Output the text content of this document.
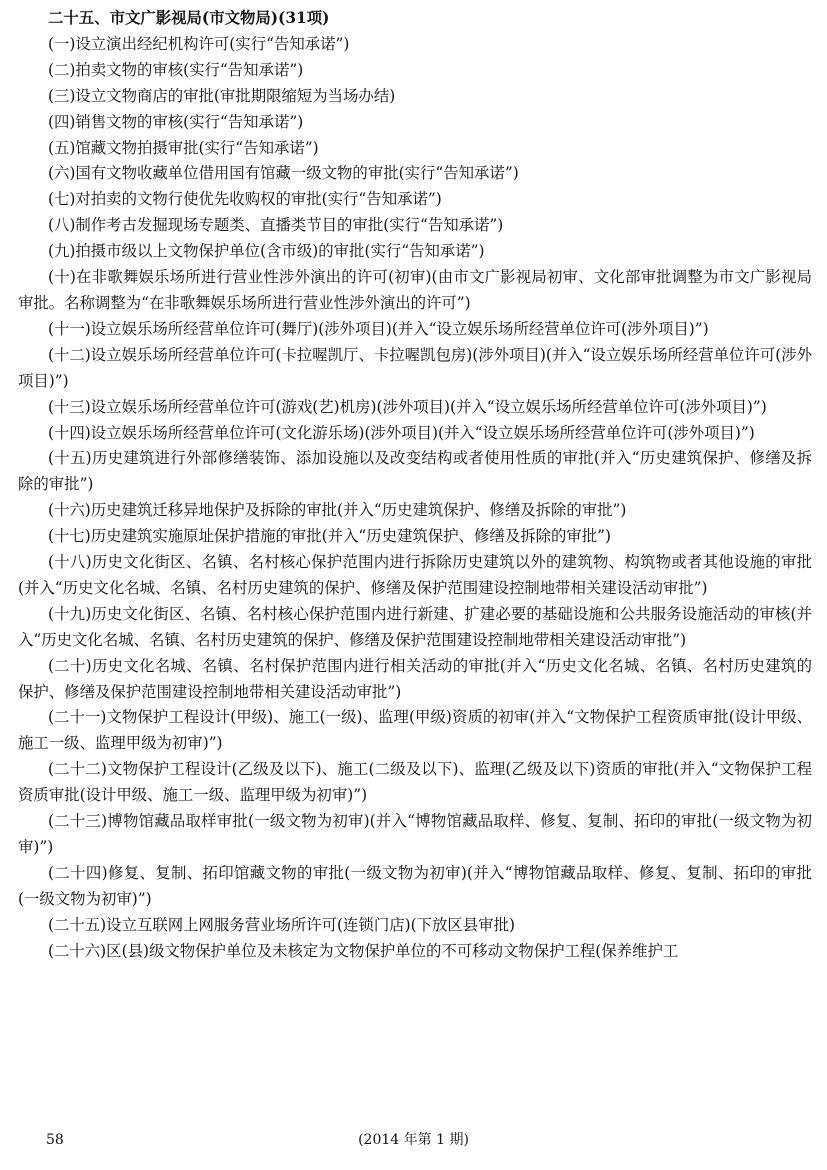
二十五、市文广影视局(市文物局)(31项)
(一)设立演出经纪机构许可(实行“告知承诺”)
(二)拍卖文物的审核(实行“告知承诺”)
(三)设立文物商店的审批(审批期限缩短为当场办结)
(四)销售文物的审核(实行“告知承诺”)
(五)馆藏文物拍摄审批(实行“告知承诺”)
(六)国有文物收藏单位借用国有馆藏一级文物的审批(实行“告知承诺”)
(七)对拍卖的文物行使优先收购权的审批(实行“告知承诺”)
(八)制作考古发掘现场专题类、直播类节目的审批(实行“告知承诺”)
(九)拍摄市级以上文物保护单位(含市级)的审批(实行“告知承诺”)
(十)在非歌舞娱乐场所进行营业性涉外演出的许可(初审)(由市文广影视局初审、文化部审批调整为市文广影视局审批。名称调整为“在非歌舞娱乐场所进行营业性涉外演出的许可”)
(十一)设立娱乐场所经营单位许可(舞厅)(涉外项目)(并入“设立娱乐场所经营单位许可(涉外项目)”)
(十二)设立娱乐场所经营单位许可(卡拉喔凯厅、卡拉喔凯包房)(涉外项目)(并入“设立娱乐场所经营单位许可(涉外项目)”)
(十三)设立娱乐场所经营单位许可(游戏(艺)机房)(涉外项目)(并入“设立娱乐场所经营单位许可(涉外项目)”)
(十四)设立娱乐场所经营单位许可(文化游乐场)(涉外项目)(并入“设立娱乐场所经营单位许可(涉外项目)”)
(十五)历史建筑进行外部修缮装饰、添加设施以及改变结构或者使用性质的审批(并入“历史建筑保护、修缮及拆除的审批”)
(十六)历史建筑迁移异地保护及拆除的审批(并入“历史建筑保护、修缮及拆除的审批”)
(十七)历史建筑实施原址保护措施的审批(并入“历史建筑保护、修缮及拆除的审批”)
(十八)历史文化街区、名镇、名村核心保护范围内进行拆除历史建筑以外的建筑物、构筑物或者其他设施的审批(并入“历史文化名城、名镇、名村历史建筑的保护、修缮及保护范围建设控制地带相关建设活动审批”)
(十九)历史文化街区、名镇、名村核心保护范围内进行新建、扩建必要的基础设施和公共服务设施活动的审核(并入“历史文化名城、名镇、名村历史建筑的保护、修缮及保护范围建设控制地带相关建设活动审批”)
(二十)历史文化名城、名镇、名村保护范围内进行相关活动的审批(并入“历史文化名城、名镇、名村历史建筑的保护、修缮及保护范围建设控制地带相关建设活动审批”)
(二十一)文物保护工程设计(甲级)、施工(一级)、监理(甲级)资质的初审(并入“文物保护工程资质审批(设计甲级、施工一级、监理甲级为初审)”)
(二十二)文物保护工程设计(乙级及以下)、施工(二级及以下)、监理(乙级及以下)资质的审批(并入“文物保护工程资质审批(设计甲级、施工一级、监理甲级为初审)”)
(二十三)博物馆藏品取样审批(一级文物为初审)(并入“博物馆藏品取样、修复、复制、拓印的审批(一级文物为初审)”)
(二十四)修复、复制、拓印馆藏文物的审批(一级文物为初审)(并入“博物馆藏品取样、修复、复制、拓印的审批(一级文物为初审)”)
(二十五)设立互联网上网服务营业场所许可(连锁门店)(下放区县审批)
(二十六)区(县)级文物保护单位及未核定为文物保护单位的不可移动文物保护工程(保养维护工
58	(2014 年第 1 期)
